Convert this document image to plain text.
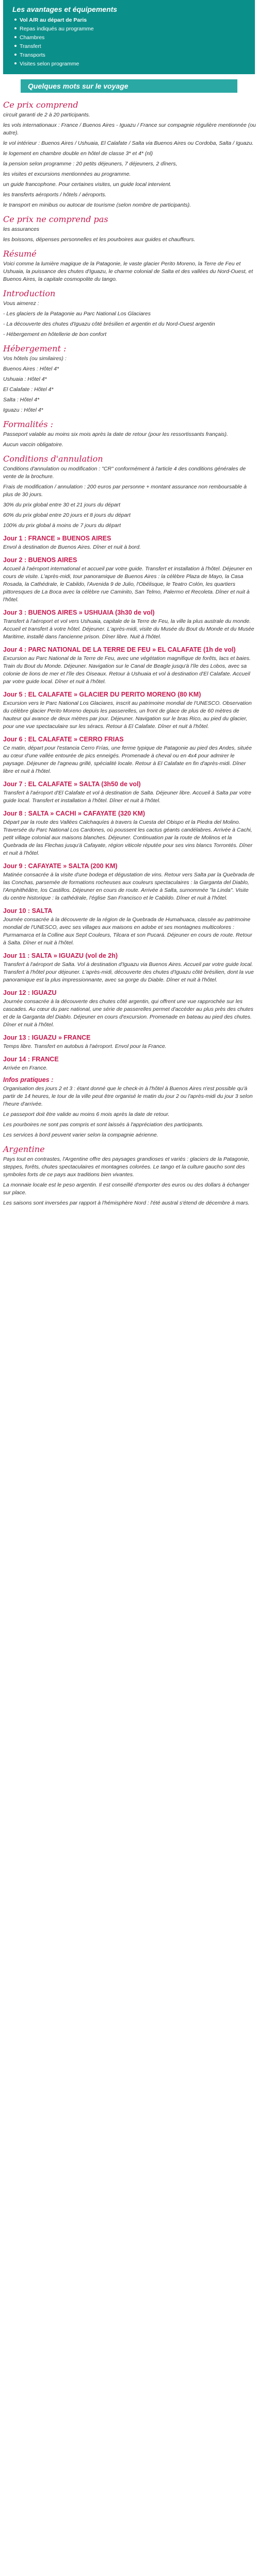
Les avantages et équipements
Vol A/R au départ de Paris
Repas indiqués au programme
Chambres
Transfert
Transports
Visites selon programme
Quelques mots sur le voyage
Ce prix comprend

circuit garanti de 2 à 20 participants.

les vols internationaux : France / Buenos Aires - Iguazu / France sur compagnie régulière mentionnée (ou autre).

le vol intérieur : Buenos Aires / Ushuaia, El Calafate / Salta via Buenos Aires ou Cordoba, Salta / Iguazu.

le logement en chambre double en hôtel de classe 3* et 4* (nl)

la pension selon programme : 20 petits déjeuners, 7 déjeuners, 2 dîners,

les visites et excursions mentionnées au programme.

un guide francophone. Pour certaines visites, un guide local intervient.

les transferts aéroports / hôtels / aéroports.

le transport en minibus ou autocar de tourisme (selon nombre de participants).

Ce prix ne comprend pas

les assurances

les boissons, dépenses personnelles et les pourboires aux guides et chauffeurs.

Résumé

Voici comme la lumière magique de la Patagonie, le vaste glacier Perito Moreno, la Terre de Feu et Ushuaia, la puissance des chutes d'Iguazu, le charme colonial de Salta et des vallées du Nord-Ouest, et Buenos Aires, la capitale cosmopolite du tango.

Introduction

Vous aimerez :

- Les glaciers de la Patagonie au Parc National Los Glaciares

- La découverte des chutes d'Iguazu côté brésilien et argentin et du Nord-Ouest argentin

- Hébergement en hôtellerie de bon confort

Hébergement :

Vos hôtels (ou similaires) :

Buenos Aires : Hôtel 4*

Ushuaia : Hôtel 4*

El Calafate : Hôtel 4*

Salta : Hôtel 4*

Iguazu : Hôtel 4*

Formalités :

Passeport valable au moins six mois après la date de retour (pour les ressortissants français).

Aucun vaccin obligatoire.

Conditions d'annulation

Conditions d'annulation ou modification : "CR" conformément à l'article 4 des conditions générales de vente de la brochure.

Frais de modification / annulation : 200 euros par personne + montant assurance non remboursable à plus de 30 jours.

30% du prix global entre 30 et 21 jours du départ

60% du prix global entre 20 jours et 8 jours du départ

100% du prix global à moins de 7 jours du départ

Jour 1 : FRANCE » BUENOS AIRES

Envol à destination de Buenos Aires. Dîner et nuit à bord.

Jour 2 : BUENOS AIRES

Accueil à l'aéroport international et accueil par votre guide. Transfert et installation à l'hôtel. Déjeuner en cours de visite. L'après-midi, tour panoramique de Buenos Aires : la célèbre Plaza de Mayo, la Casa Rosada, la Cathédrale, le Cabildo, l'Avenida 9 de Julio, l'Obélisque, le Teatro Colón, les quartiers pittoresques de La Boca avec la célèbre rue Caminito, San Telmo, Palermo et Recoleta. Dîner et nuit à l'hôtel.

Jour 3 : BUENOS AIRES » USHUAIA (3h30 de vol)

Transfert à l'aéroport et vol vers Ushuaia, capitale de la Terre de Feu, la ville la plus australe du monde. Accueil et transfert à votre hôtel. Déjeuner. L'après-midi, visite du Musée du Bout du Monde et du Musée Maritime, installé dans l'ancienne prison. Dîner libre. Nuit à l'hôtel.

Jour 4 : PARC NATIONAL DE LA TERRE DE FEU » EL CALAFATE (1h de vol)

Excursion au Parc National de la Terre de Feu, avec une végétation magnifique de forêts, lacs et baies. Train du Bout du Monde. Déjeuner. Navigation sur le Canal de Beagle jusqu'à l'île des Lobos, avec sa colonie de lions de mer et l'île des Oiseaux. Retour à Ushuaia et vol à destination d'El Calafate. Accueil par votre guide local. Dîner et nuit à l'hôtel.

Jour 5 : EL CALAFATE » GLACIER DU PERITO MORENO (80 KM)

Excursion vers le Parc National Los Glaciares, inscrit au patrimoine mondial de l'UNESCO. Observation du célèbre glacier Perito Moreno depuis les passerelles, un front de glace de plus de 60 mètres de hauteur qui avance de deux mètres par jour. Déjeuner. Navigation sur le bras Rico, au pied du glacier, pour une vue spectaculaire sur les séracs. Retour à El Calafate. Dîner et nuit à l'hôtel.

Jour 6 : EL CALAFATE » CERRO FRIAS

Ce matin, départ pour l'estancia Cerro Frías, une ferme typique de Patagonie au pied des Andes, située au cœur d'une vallée entourée de pics enneigés. Promenade à cheval ou en 4x4 pour admirer le paysage. Déjeuner de l'agneau grillé, spécialité locale. Retour à El Calafate en fin d'après-midi. Dîner libre et nuit à l'hôtel.

Jour 7 : EL CALAFATE » SALTA (3h50 de vol)

Transfert à l'aéroport d'El Calafate et vol à destination de Salta. Déjeuner libre. Accueil à Salta par votre guide local. Transfert et installation à l'hôtel. Dîner et nuit à l'hôtel.

Jour 8 : SALTA » CACHI » CAFAYATE (320 KM)

Départ par la route des Vallées Calchaquíes à travers la Cuesta del Obispo et la Piedra del Molino. Traversée du Parc National Los Cardones, où poussent les cactus géants candélabres. Arrivée à Cachi, petit village colonial aux maisons blanches. Déjeuner. Continuation par la route de Molinos et la Quebrada de las Flechas jusqu'à Cafayate, région viticole réputée pour ses vins blancs Torrontés. Dîner et nuit à l'hôtel.

Jour 9 : CAFAYATE » SALTA (200 KM)

Matinée consacrée à la visite d'une bodega et dégustation de vins. Retour vers Salta par la Quebrada de las Conchas, parsemée de formations rocheuses aux couleurs spectaculaires : la Garganta del Diablo, l'Amphithéâtre, los Castillos. Déjeuner en cours de route. Arrivée à Salta, surnommée "la Linda". Visite du centre historique : la cathédrale, l'église San Francisco et le Cabildo. Dîner et nuit à l'hôtel.

Jour 10 : SALTA

Journée consacrée à la découverte de la région de la Quebrada de Humahuaca, classée au patrimoine mondial de l'UNESCO, avec ses villages aux maisons en adobe et ses montagnes multicolores : Purmamarca et la Colline aux Sept Couleurs, Tilcara et son Pucará. Déjeuner en cours de route. Retour à Salta. Dîner et nuit à l'hôtel.

Jour 11 : SALTA » IGUAZU (vol de 2h)

Transfert à l'aéroport de Salta. Vol à destination d'Iguazu via Buenos Aires. Accueil par votre guide local. Transfert à l'hôtel pour déjeuner. L'après-midi, découverte des chutes d'Iguazu côté brésilien, dont la vue panoramique est la plus impressionnante, avec sa gorge du Diable. Dîner et nuit à l'hôtel.

Jour 12 : IGUAZU

Journée consacrée à la découverte des chutes côté argentin, qui offrent une vue rapprochée sur les cascades. Au cœur du parc national, une série de passerelles permet d'accéder au plus près des chutes et de la Garganta del Diablo. Déjeuner en cours d'excursion. Promenade en bateau au pied des chutes. Dîner et nuit à l'hôtel.

Jour 13 : IGUAZU » FRANCE

Temps libre. Transfert en autobus à l'aéroport. Envol pour la France.

Jour 14 : FRANCE

Arrivée en France.

Infos pratiques :

Organisation des jours 2 et 3 : étant donné que le check-in à l'hôtel à Buenos Aires n'est possible qu'à partir de 14 heures, le tour de la ville peut être organisé le matin du jour 2 ou l'après-midi du jour 3 selon l'heure d'arrivée.

Le passeport doit être valide au moins 6 mois après la date de retour.

Les pourboires ne sont pas compris et sont laissés à l'appréciation des participants.

Les services à bord peuvent varier selon la compagnie aérienne.

Argentine

Pays tout en contrastes, l'Argentine offre des paysages grandioses et variés : glaciers de la Patagonie, steppes, forêts, chutes spectaculaires et montagnes colorées. Le tango et la culture gaucho sont des symboles forts de ce pays aux traditions bien vivantes.

La monnaie locale est le peso argentin. Il est conseillé d'emporter des euros ou des dollars à échanger sur place.

Les saisons sont inversées par rapport à l'hémisphère Nord : l'été austral s'étend de décembre à mars.
